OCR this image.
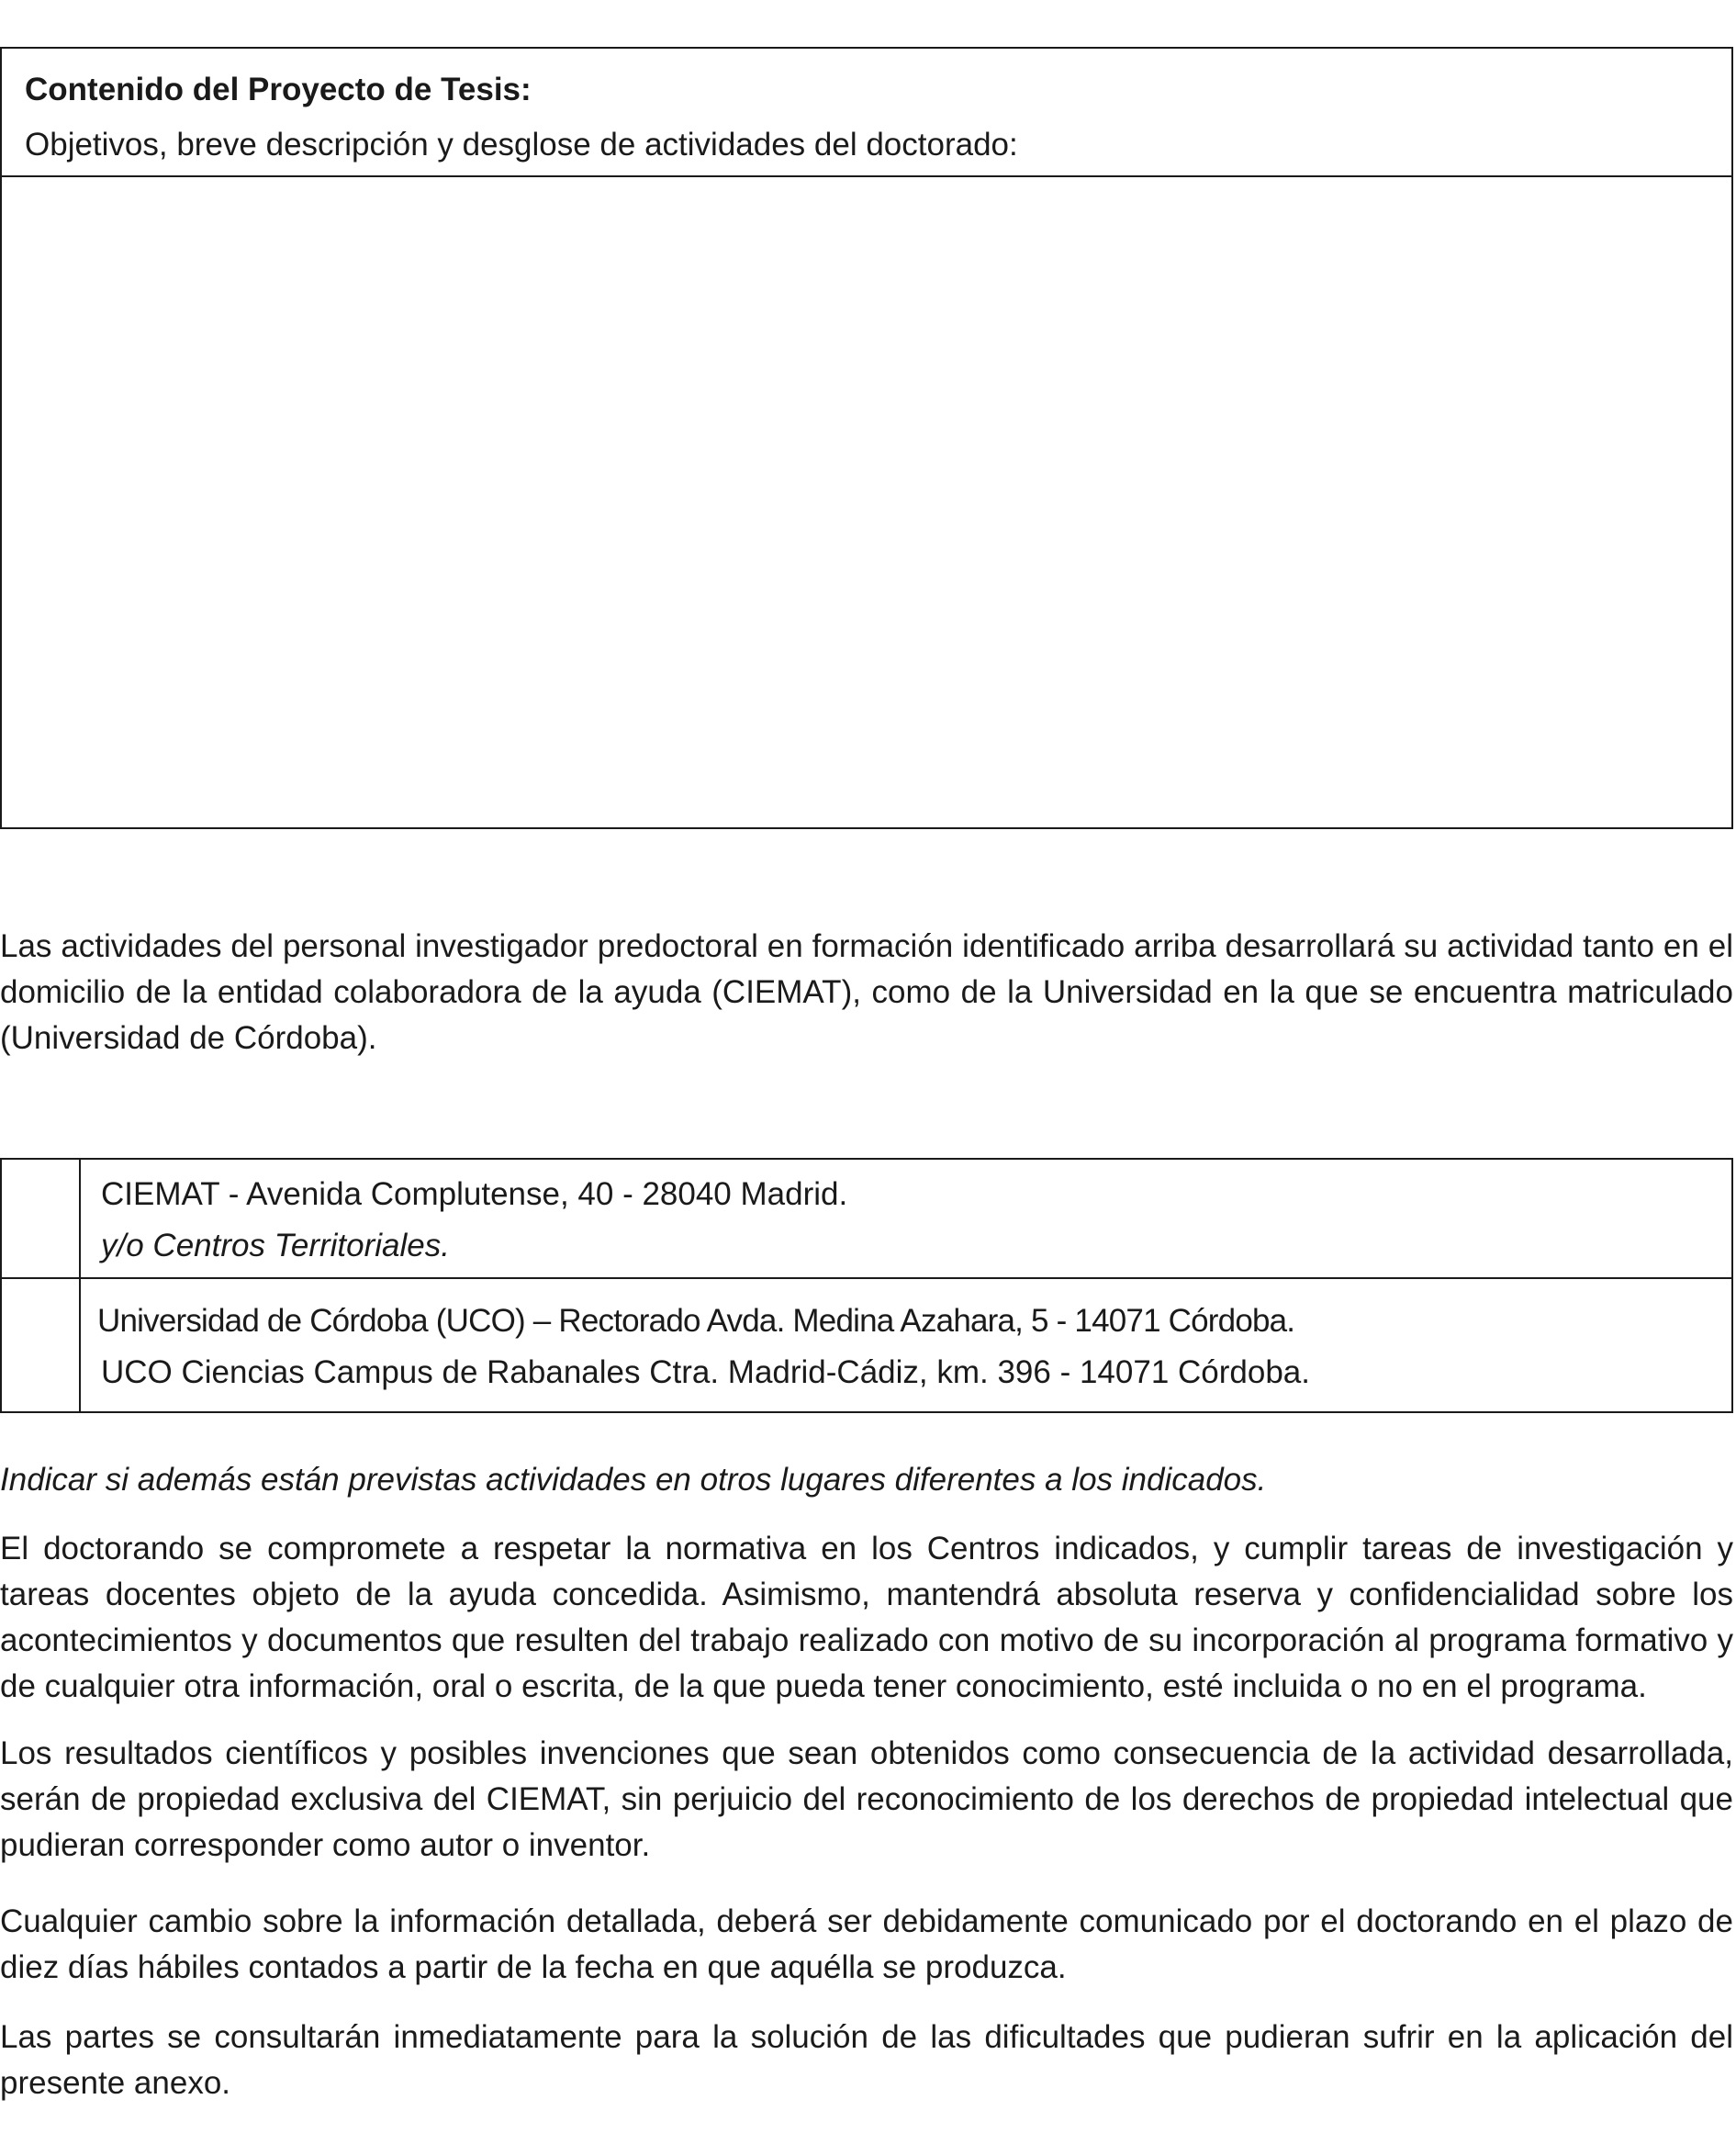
Contenido del Proyecto de Tesis:

Objetivos, breve descripción y desglose de actividades del doctorado:

Las actividades del personal investigador predoctoral en formación identificado arriba desarrollará su actividad tanto en el domicilio de la entidad colaboradora de la ayuda (CIEMAT), como de la Universidad en la que se encuentra matriculado (Universidad de Córdoba).

	CIEMAT - Avenida Complutense, 40 - 28040 Madrid.
y/o Centros Territoriales.

	Universidad de Córdoba (UCO) – Rectorado Avda. Medina Azahara, 5 - 14071 Córdoba.
UCO Ciencias Campus de Rabanales Ctra. Madrid-Cádiz, km. 396 - 14071 Córdoba.

Indicar si además están previstas actividades en otros lugares diferentes a los indicados.

El doctorando se compromete a respetar la normativa en los Centros indicados, y cumplir tareas de investigación y tareas docentes objeto de la ayuda concedida. Asimismo, mantendrá absoluta reserva y confidencialidad sobre los acontecimientos y documentos que resulten del trabajo realizado con motivo de su incorporación al programa formativo y de cualquier otra información, oral o escrita, de la que pueda tener conocimiento, esté incluida o no en el programa.

Los resultados científicos y posibles invenciones que sean obtenidos como consecuencia de la actividad desarrollada, serán de propiedad exclusiva del CIEMAT, sin perjuicio del reconocimiento de los derechos de propiedad intelectual que pudieran corresponder como autor o inventor.

Cualquier cambio sobre la información detallada, deberá ser debidamente comunicado por el doctorando en el plazo de diez días hábiles contados a partir de la fecha en que aquélla se produzca.

Las partes se consultarán inmediatamente para la solución de las dificultades que pudieran sufrir en la aplicación del presente anexo.
